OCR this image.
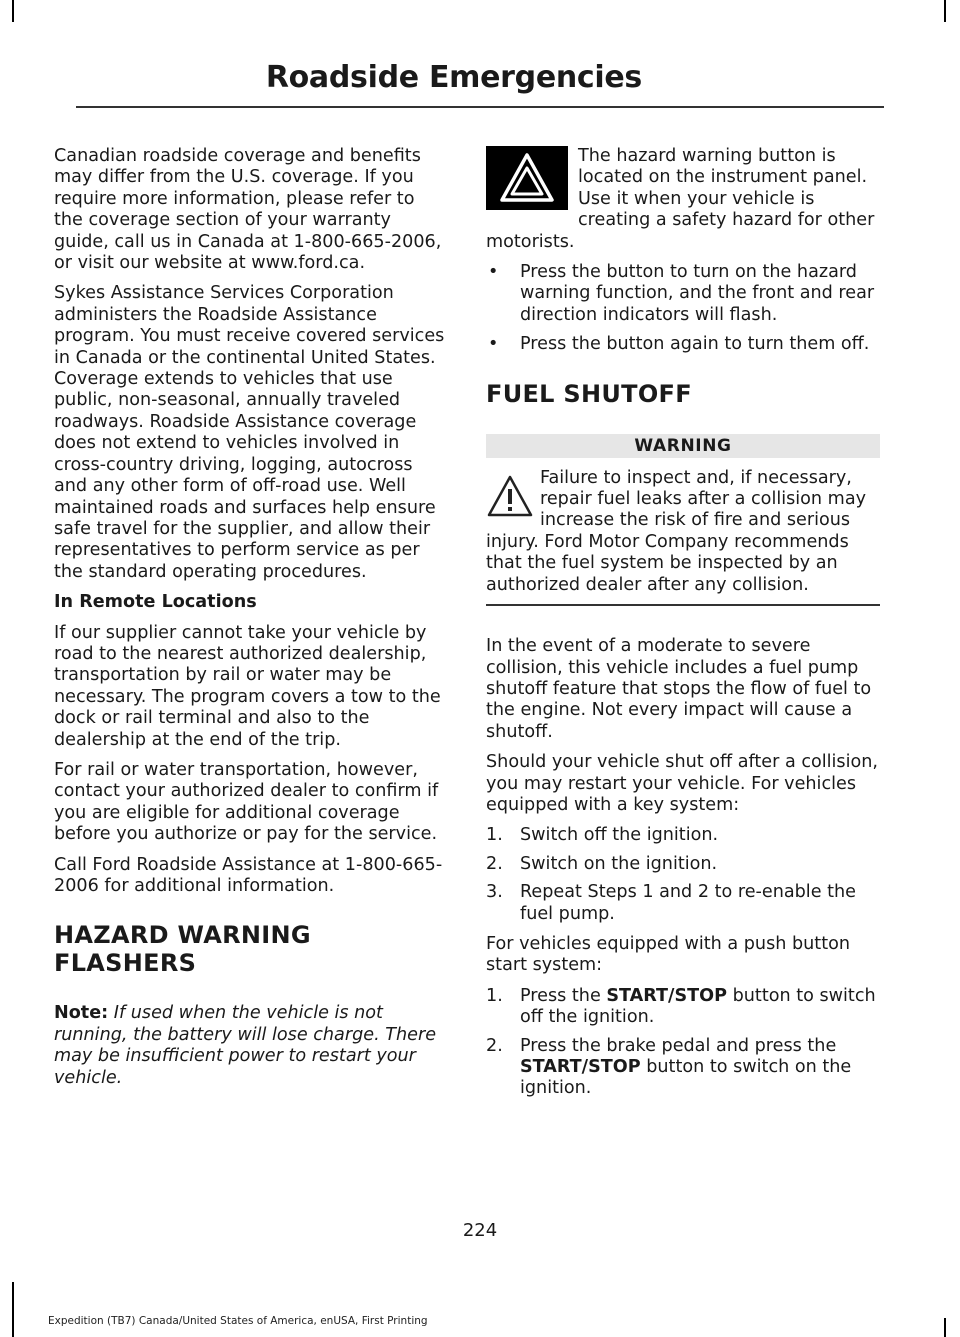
Roadside Emergencies

Canadian roadside coverage and benefits may differ from the U.S. coverage. If you require more information, please refer to the coverage section of your warranty guide, call us in Canada at 1-800-665-2006, or visit our website at www.ford.ca.

Sykes Assistance Services Corporation administers the Roadside Assistance program. You must receive covered services in Canada or the continental United States. Coverage extends to vehicles that use public, non-seasonal, annually traveled roadways. Roadside Assistance coverage does not extend to vehicles involved in cross-country driving, logging, autocross and any other form of off-road use. Well maintained roads and surfaces help ensure safe travel for the supplier, and allow their representatives to perform service as per the standard operating procedures.

In Remote Locations

If our supplier cannot take your vehicle by road to the nearest authorized dealership, transportation by rail or water may be necessary. The program covers a tow to the dock or rail terminal and also to the dealership at the end of the trip.

For rail or water transportation, however, contact your authorized dealer to confirm if you are eligible for additional coverage before you authorize or pay for the service.

Call Ford Roadside Assistance at 1-800-665-2006 for additional information.

HAZARD WARNING FLASHERS

Note: If used when the vehicle is not running, the battery will lose charge. There may be insufficient power to restart your vehicle.

The hazard warning button is located on the instrument panel. Use it when your vehicle is creating a safety hazard for other motorists.

• Press the button to turn on the hazard warning function, and the front and rear direction indicators will flash.
• Press the button again to turn them off.
FUEL SHUTOFF
WARNING

Failure to inspect and, if necessary, repair fuel leaks after a collision may increase the risk of fire and serious injury. Ford Motor Company recommends that the fuel system be inspected by an authorized dealer after any collision.

In the event of a moderate to severe collision, this vehicle includes a fuel pump shutoff feature that stops the flow of fuel to the engine. Not every impact will cause a shutoff.

Should your vehicle shut off after a collision, you may restart your vehicle. For vehicles equipped with a key system:

1. Switch off the ignition.
2. Switch on the ignition.
3. Repeat Steps 1 and 2 to re-enable the fuel pump.

For vehicles equipped with a push button start system:

1. Press the START/STOP button to switch off the ignition.
2. Press the brake pedal and press the START/STOP button to switch on the ignition.
224
Expedition (TB7) Canada/United States of America, enUSA, First Printing
